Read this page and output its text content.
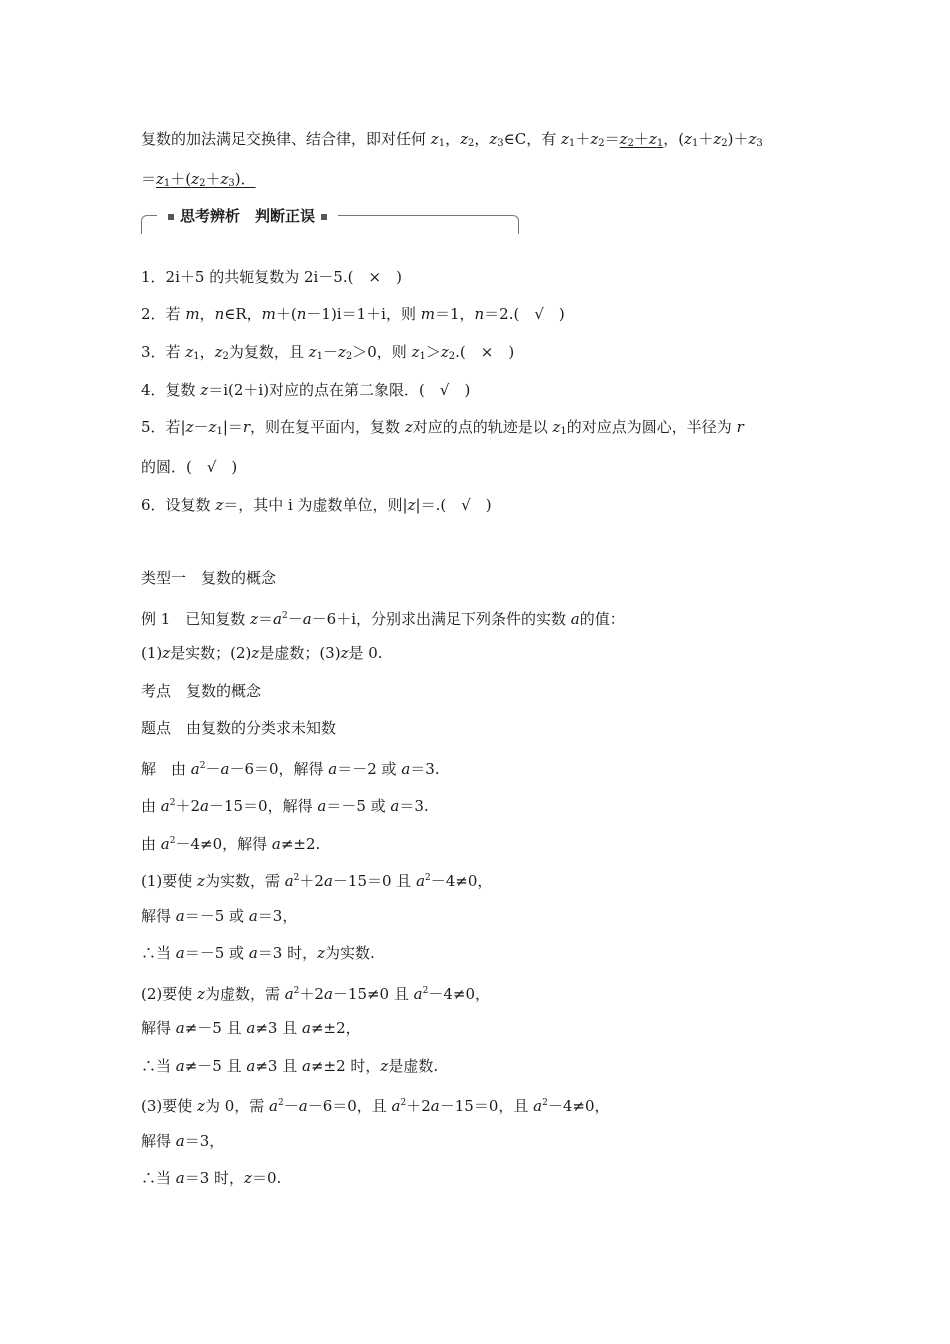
复数的加法满足交换律、结合律，即对任何 $z_1$，$z_2$，$z_3\in C$，有 $z_1+z_2=z_2+z_1$，$(z_1+z_2)+z_3$
$=z_1+(z_2+z_3)$．
思考辨析　判断正误
1．2i＋5 的共轭复数为 2i－5.(　×　)
2．若 m，n∈R，m＋(n－1)i＝1＋i，则 m＝1，n＝2.(　√　)
3．若 $z_1$，$z_2$为复数，且 $z_1-z_2>0$，则 $z_1>z_2$.(　×　)
4．复数 z＝i(2＋i)对应的点在第二象限．(　√　)
5．若$|z-z_1|=r$，则在复平面内，复数 z对应的点的轨迹是以 $z_1$的对应点为圆心，半径为 r
的圆．(　√　)
6．设复数 z＝，其中 i 为虚数单位，则|z|＝.(　√　)
类型一　复数的概念
例 1　已知复数 $z=a^2-a-6+i$，分别求出满足下列条件的实数 a的值：
(1)z是实数；(2)z是虚数；(3)z是 0.
考点　复数的概念
题点　由复数的分类求未知数
解　由 $a^2-a-6=0$，解得 a＝－2 或 a＝3.
由 $a^2+2a-15=0$，解得 a＝－5 或 a＝3.
由 $a^2-4\ne 0$，解得 a≠±2.
(1)要使 z为实数，需 $a^2+2a-15=0$ 且 $a^2-4\ne 0$，
解得 a＝－5 或 a＝3，
∴当 a＝－5 或 a＝3 时，z为实数.
(2)要使 z为虚数，需 $a^2+2a-15\ne 0$ 且 $a^2-4\ne 0$，
解得 a≠－5 且 a≠3 且 a≠±2，
∴当 a≠－5 且 a≠3 且 a≠±2 时，z是虚数.
(3)要使 z为 0，需 $a^2-a-6=0$，且 $a^2+2a-15=0$，且 $a^2-4\ne 0$，
解得 a＝3，
∴当 a＝3 时，z＝0.
